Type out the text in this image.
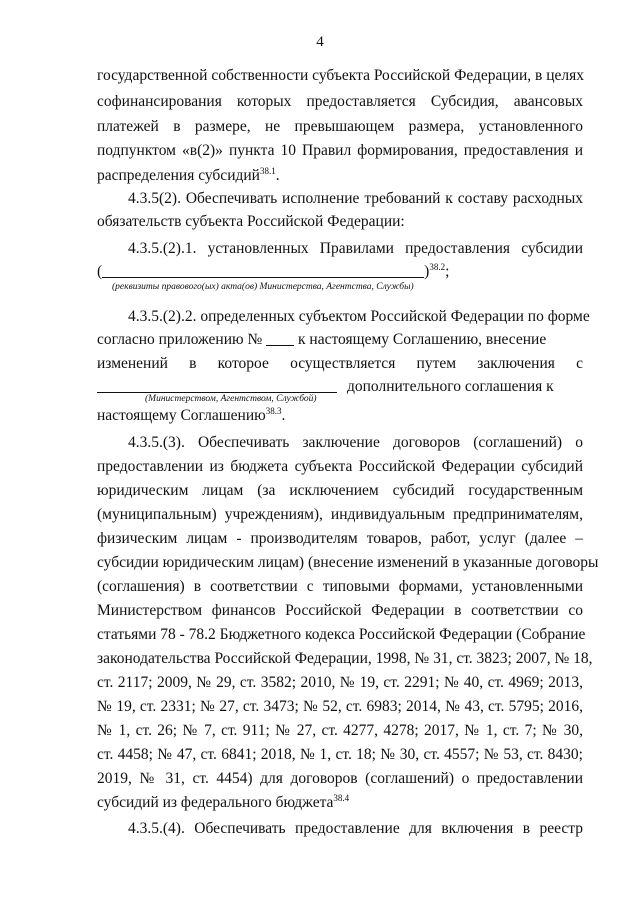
4
государственной собственности субъекта Российской Федерации, в целях
софинансирования которых предоставляется Субсидия, авансовых
платежей в размере, не превышающем размера, установленного
подпунктом «в(2)» пункта 10 Правил формирования, предоставления и
распределения субсидий$^{38.1}$.
4.3.5(2). Обеспечивать исполнение требований к составу расходных
обязательств субъекта Российской Федерации:
4.3.5.(2).1. установленных Правилами предоставления субсидии
(	)$^{38.2}$;
(реквизиты правового(ых) акта(ов) Министерства, Агентства, Службы)
4.3.5.(2).2. определенных субъектом Российской Федерации по форме
согласно приложению № к настоящему Соглашению, внесение
изменений в которое осуществляется путем заключения с
дополнительного соглашения к
(Министерством, Агентством, Службой)
настоящему Соглашению$^{38.3}$.
4.3.5.(3). Обеспечивать заключение договоров (соглашений) о
предоставлении из бюджета субъекта Российской Федерации субсидий
юридическим лицам (за исключением субсидий государственным
(муниципальным) учреждениям), индивидуальным предпринимателям,
физическим лицам - производителям товаров, работ, услуг (далее –
субсидии юридическим лицам) (внесение изменений в указанные договоры
(соглашения) в соответствии с типовыми формами, установленными
Министерством финансов Российской Федерации в соответствии со
статьями 78 - 78.2 Бюджетного кодекса Российской Федерации (Собрание
законодательства Российской Федерации, 1998, № 31, ст. 3823; 2007, № 18,
ст. 2117; 2009, № 29, ст. 3582; 2010, № 19, ст. 2291; № 40, ст. 4969; 2013,
№ 19, ст. 2331; № 27, ст. 3473; № 52, ст. 6983; 2014, № 43, ст. 5795; 2016,
№ 1, ст. 26; № 7, ст. 911; № 27, ст. 4277, 4278; 2017, № 1, ст. 7; № 30,
ст. 4458; № 47, ст. 6841; 2018, № 1, ст. 18; № 30, ст. 4557; № 53, ст. 8430;
2019, № 31, ст. 4454) для договоров (соглашений) о предоставлении
субсидий из федерального бюджета$^{38.4}$
4.3.5.(4). Обеспечивать предоставление для включения в реестр
